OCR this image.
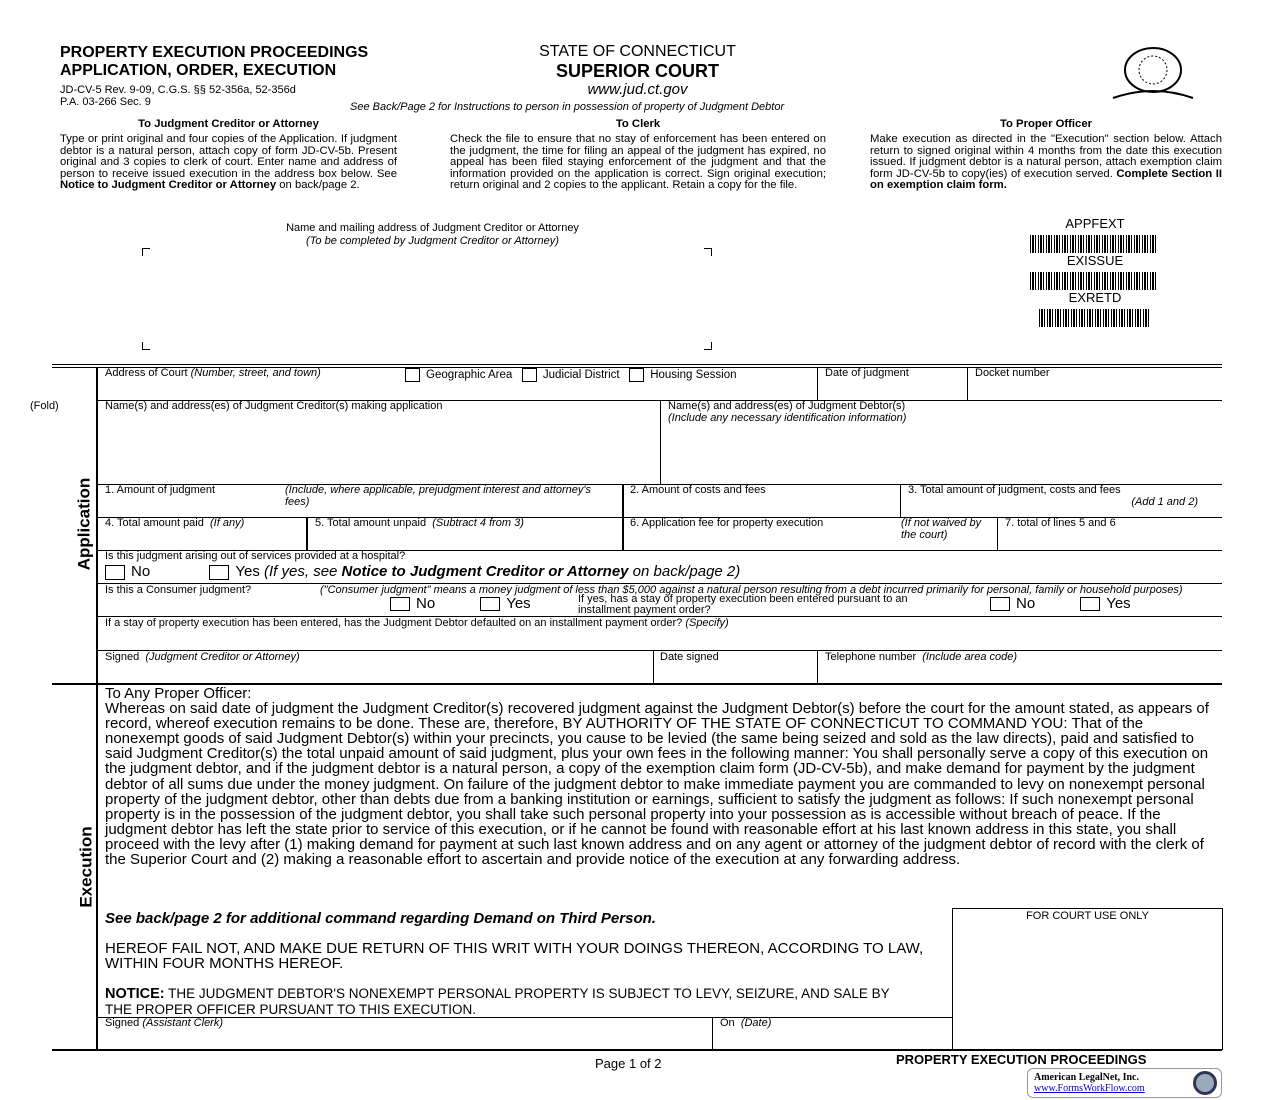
PROPERTY EXECUTION PROCEEDINGS
APPLICATION, ORDER, EXECUTION
JD-CV-5 Rev. 9-09, C.G.S. §§ 52-356a, 52-356d
P.A. 03-266 Sec. 9
STATE OF CONNECTICUT
SUPERIOR COURT
www.jud.ct.gov
See Back/Page 2 for Instructions to person in possession of property of Judgment Debtor
To Judgment Creditor or Attorney
Type or print original and four copies of the Application. If judgment debtor is a natural person, attach copy of form JD-CV-5b. Present original and 3 copies to clerk of court. Enter name and address of person to receive issued execution in the address box below. See Notice to Judgment Creditor or Attorney on back/page 2.
To Clerk
Check the file to ensure that no stay of enforcement has been entered on the judgment, the time for filing an appeal of the judgment has expired, no appeal has been filed staying enforcement of the judgment and that the information provided on the application is correct. Sign original execution; return original and 2 copies to the applicant. Retain a copy for the file.
To Proper Officer
Make execution as directed in the "Execution" section below. Attach return to signed original within 4 months from the date this execution issued. If judgment debtor is a natural person, attach exemption claim form JD-CV-5b to copy(ies) of execution served. Complete Section II on exemption claim form.
Name and mailing address of Judgment Creditor or Attorney
(To be completed by Judgment Creditor or Attorney)
APPFEXT
EXISSUE
EXRETD
FOR COURT USE ONLY
(Fold)
Application
Execution
Address of Court (Number, street, and town)	Geographic Area	Judicial District	Housing Session	Date of judgment	Docket number
Name(s) and address(es) of Judgment Creditor(s) making application	Name(s) and address(es) of Judgment Debtor(s)
(Include any necessary identification information)
1. Amount of judgment	(Include, where applicable, prejudgment interest and attorney's fees)
2. Amount of costs and fees	3. Total amount of judgment, costs and fees
(Add 1 and 2)
4. Total amount paid (If any)	5. Total amount unpaid (Subtract 4 from 3)	6. Application fee for property execution	(If not waived by the court)
7. total of lines 5 and 6
Is this judgment arising out of services provided at a hospital?
No	Yes (If yes, see Notice to Judgment Creditor or Attorney on back/page 2)
Is this a Consumer judgment?	("Consumer judgment" means a money judgment of less than $5,000 against a natural person resulting from a debt incurred primarily for personal, family or household purposes)
No	Yes	If yes, has a stay of property execution been entered pursuant to an installment payment order?	No	Yes
If a stay of property execution has been entered, has the Judgment Debtor defaulted on an installment payment order? (Specify)
Signed (Judgment Creditor or Attorney)	Date signed	Telephone number (Include area code)
To Any Proper Officer:
Whereas on said date of judgment the Judgment Creditor(s) recovered judgment against the Judgment Debtor(s) before the court for the amount stated, as appears of record, whereof execution remains to be done. These are, therefore, BY AUTHORITY OF THE STATE OF CONNECTICUT TO COMMAND YOU: That of the nonexempt goods of said Judgment Debtor(s) within your precincts, you cause to be levied (the same being seized and sold as the law directs), paid and satisfied to said Judgment Creditor(s) the total unpaid amount of said judgment, plus your own fees in the following manner: You shall personally serve a copy of this execution on the judgment debtor, and if the judgment debtor is a natural person, a copy of the exemption claim form (JD-CV-5b), and make demand for payment by the judgment debtor of all sums due under the money judgment. On failure of the judgment debtor to make immediate payment you are commanded to levy on nonexempt personal property of the judgment debtor, other than debts due from a banking institution or earnings, sufficient to satisfy the judgment as follows: If such nonexempt personal property is in the possession of the judgment debtor, you shall take such personal property into your possession as is accessible without breach of peace. If the judgment debtor has left the state prior to service of this execution, or if he cannot be found with reasonable effort at his last known address in this state, you shall proceed with the levy after (1) making demand for payment at such last known address and on any agent or attorney of the judgment debtor of record with the clerk of the Superior Court and (2) making a reasonable effort to ascertain and provide notice of the execution at any forwarding address.
See back/page 2 for additional command regarding Demand on Third Person.
HEREOF FAIL NOT, AND MAKE DUE RETURN OF THIS WRIT WITH YOUR DOINGS THEREON, ACCORDING TO LAW, WITHIN FOUR MONTHS HEREOF.
NOTICE: THE JUDGMENT DEBTOR'S NONEXEMPT PERSONAL PROPERTY IS SUBJECT TO LEVY, SEIZURE, AND SALE BY THE PROPER OFFICER PURSUANT TO THIS EXECUTION.
Signed (Assistant Clerk)	On (Date)
Page 1 of 2	PROPERTY EXECUTION PROCEEDINGS
American LegalNet, Inc.
www.FormsWorkFlow.com
